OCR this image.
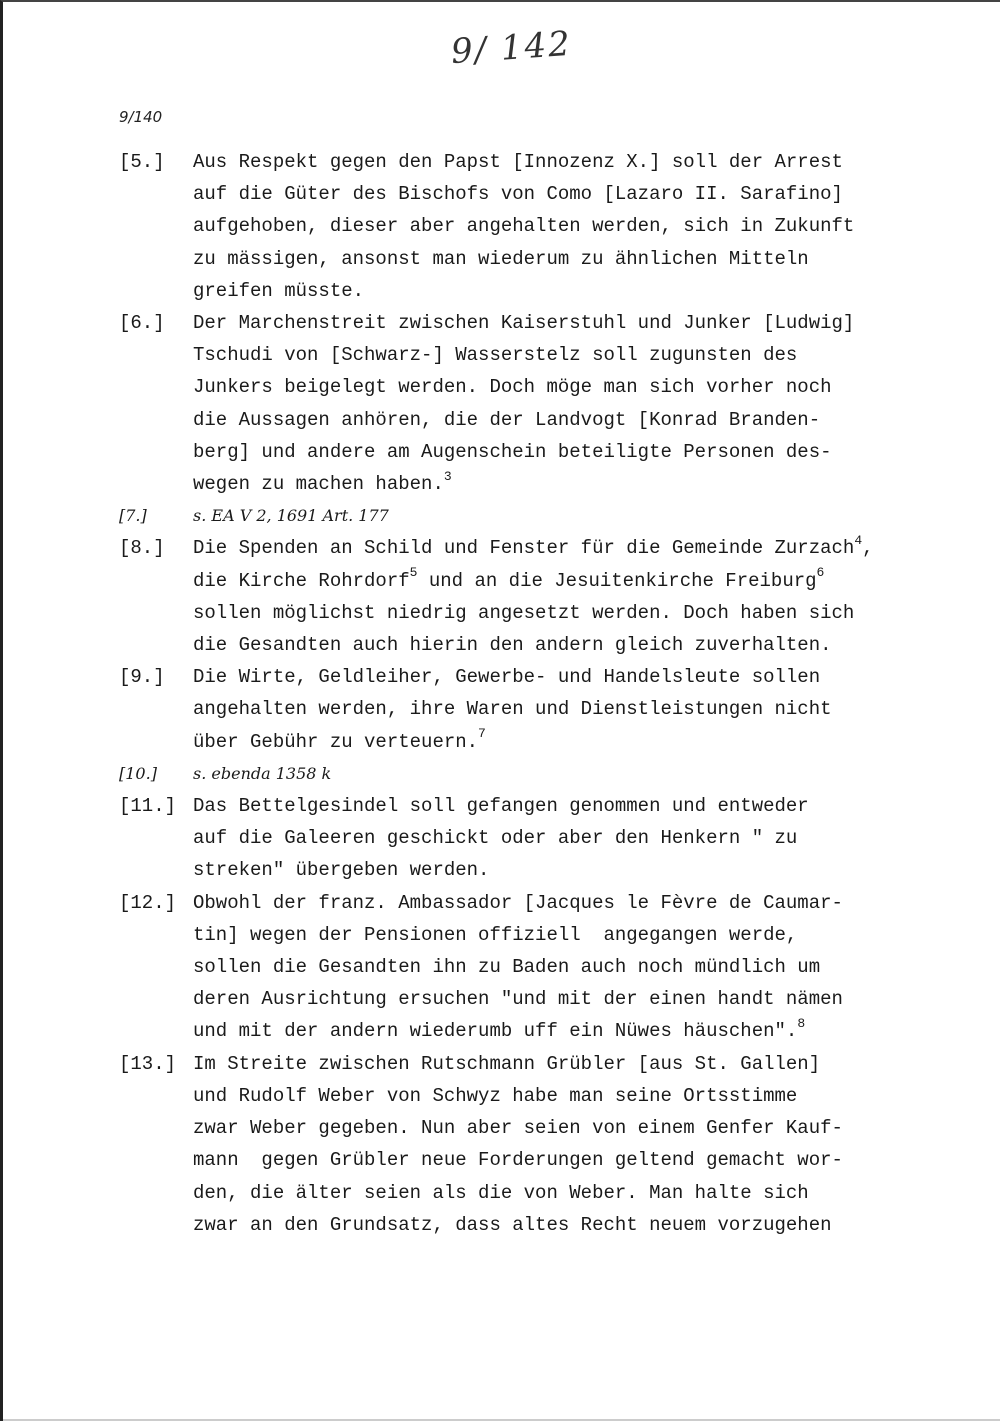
9/ 142
9/140
[5.]	Aus Respekt gegen den Papst [Innozenz X.] soll der Arrest
auf die Güter des Bischofs von Como [Lazaro II. Sarafino]
aufgehoben, dieser aber angehalten werden, sich in Zukunft
zu mässigen, ansonst man wiederum zu ähnlichen Mitteln
greifen müsste.
[6.]	Der Marchenstreit zwischen Kaiserstuhl und Junker [Ludwig]
Tschudi von [Schwarz-] Wasserstelz soll zugunsten des
Junkers beigelegt werden. Doch möge man sich vorher noch
die Aussagen anhören, die der Landvogt [Konrad Branden-
berg] und andere am Augenschein beteiligte Personen des-
wegen zu machen haben.$^3$
[7.]	s. EA V 2, 1691 Art. 177
[8.]	Die Spenden an Schild und Fenster für die Gemeinde Zurzach$^4$,
die Kirche Rohrdorf$^5$ und an die Jesuitenkirche Freiburg$^6$
sollen möglichst niedrig angesetzt werden. Doch haben sich
die Gesandten auch hierin den andern gleich zuverhalten.
[9.]	Die Wirte, Geldleiher, Gewerbe- und Handelsleute sollen
angehalten werden, ihre Waren und Dienstleistungen nicht
über Gebühr zu verteuern.$^7$
[10.]	s. ebenda 1358 k
[11.] Das Bettelgesindel soll gefangen genommen und entweder
auf die Galeeren geschickt oder aber den Henkern " zu
streken" übergeben werden.
[12.] Obwohl der franz. Ambassador [Jacques le Fèvre de Caumar-
tin] wegen der Pensionen offiziell  angegangen werde,
sollen die Gesandten ihn zu Baden auch noch mündlich um
deren Ausrichtung ersuchen "und mit der einen handt nämen
und mit der andern wiederumb uff ein Nüwes häuschen".$^8$
[13.] Im Streite zwischen Rutschmann Grübler [aus St. Gallen]
und Rudolf Weber von Schwyz habe man seine Ortsstimme
zwar Weber gegeben. Nun aber seien von einem Genfer Kauf-
mann  gegen Grübler neue Forderungen geltend gemacht wor-
den, die älter seien als die von Weber. Man halte sich
zwar an den Grundsatz, dass altes Recht neuem vorzugehen
